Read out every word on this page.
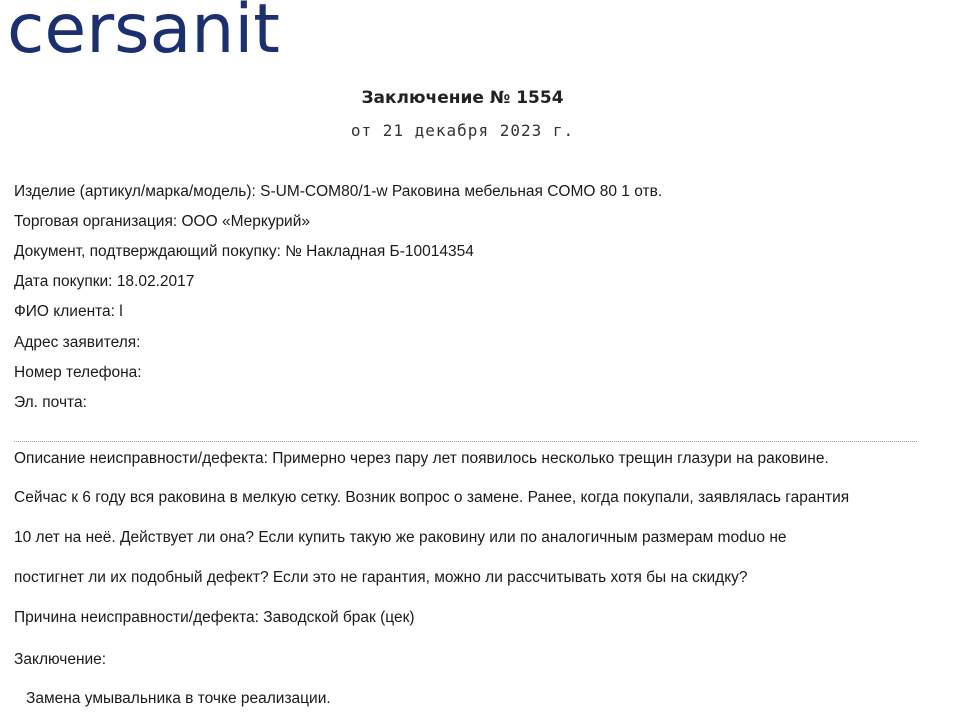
cersanit
Заключение № 1554
от 21 декабря 2023 г.
Изделие (артикул/марка/модель): S-UM-COM80/1-w Раковина мебельная COMO 80 1 отв.
Торговая организация: ООО «Меркурий»
Документ, подтверждающий покупку: № Накладная Б-10014354
Дата покупки: 18.02.2017
ФИО клиента: l
Адрес заявителя:
Номер телефона:
Эл. почта:
Описание неисправности/дефекта: Примерно через пару лет появилось несколько трещин глазури на раковине.
Сейчас к 6 году вся раковина в мелкую сетку. Возник вопрос о замене. Ранее, когда покупали, заявлялась гарантия
10 лет на неё. Действует ли она? Если купить такую же раковину или по аналогичным размерам moduo не
постигнет ли их подобный дефект? Если это не гарантия, можно ли рассчитывать хотя бы на скидку?
Причина неисправности/дефекта: Заводской брак (цек)
Заключение:
Замена умывальника в точке реализации.
